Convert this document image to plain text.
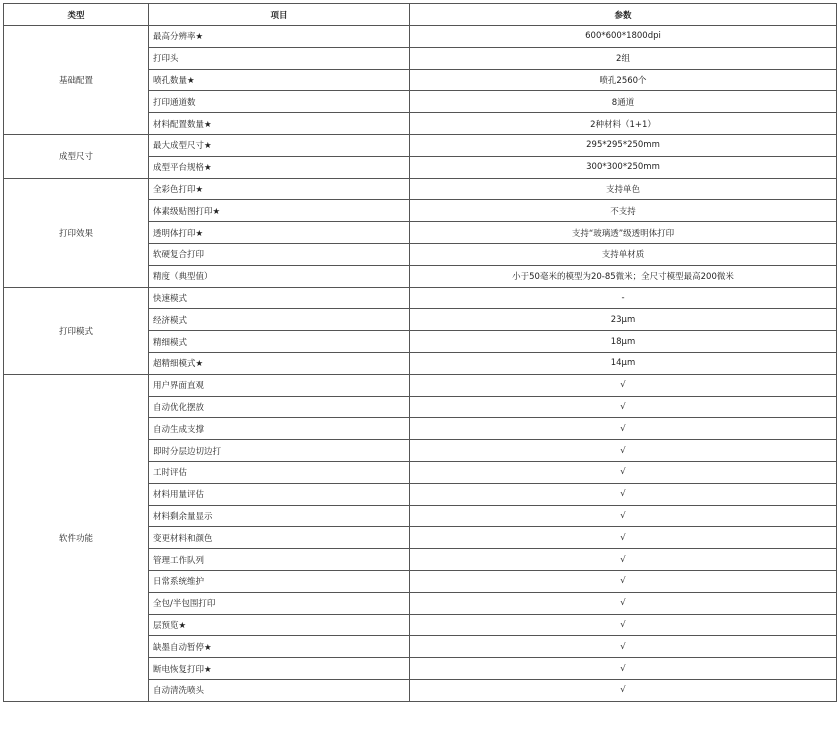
类型	项目	参数
基础配置	最高分辨率★	600*600*1800dpi
	打印头	2组
	喷孔数量★	喷孔2560个
	打印通道数	8通道
	材料配置数量★	2种材料（1+1）
成型尺寸	最大成型尺寸★	295*295*250mm
	成型平台规格★	300*300*250mm
打印效果	全彩色打印★	支持单色
	体素级贴图打印★	不支持
	透明体打印★	支持“玻璃透”级透明体打印
	软硬复合打印	支持单材质
	精度（典型值）	小于50毫米的模型为20-85微米；全尺寸模型最高200微米
打印模式	快速模式	-
	经济模式	23μm
	精细模式	18μm
	超精细模式★	14μm
软件功能	用户界面直观	√
	自动优化摆放	√
	自动生成支撑	√
	即时分层边切边打	√
	工时评估	√
	材料用量评估	√
	材料剩余量显示	√
	变更材料和颜色	√
	管理工作队列	√
	日常系统维护	√
	全包/半包围打印	√
	层预览★	√
	缺墨自动暂停★	√
	断电恢复打印★	√
	自动清洗喷头	√
